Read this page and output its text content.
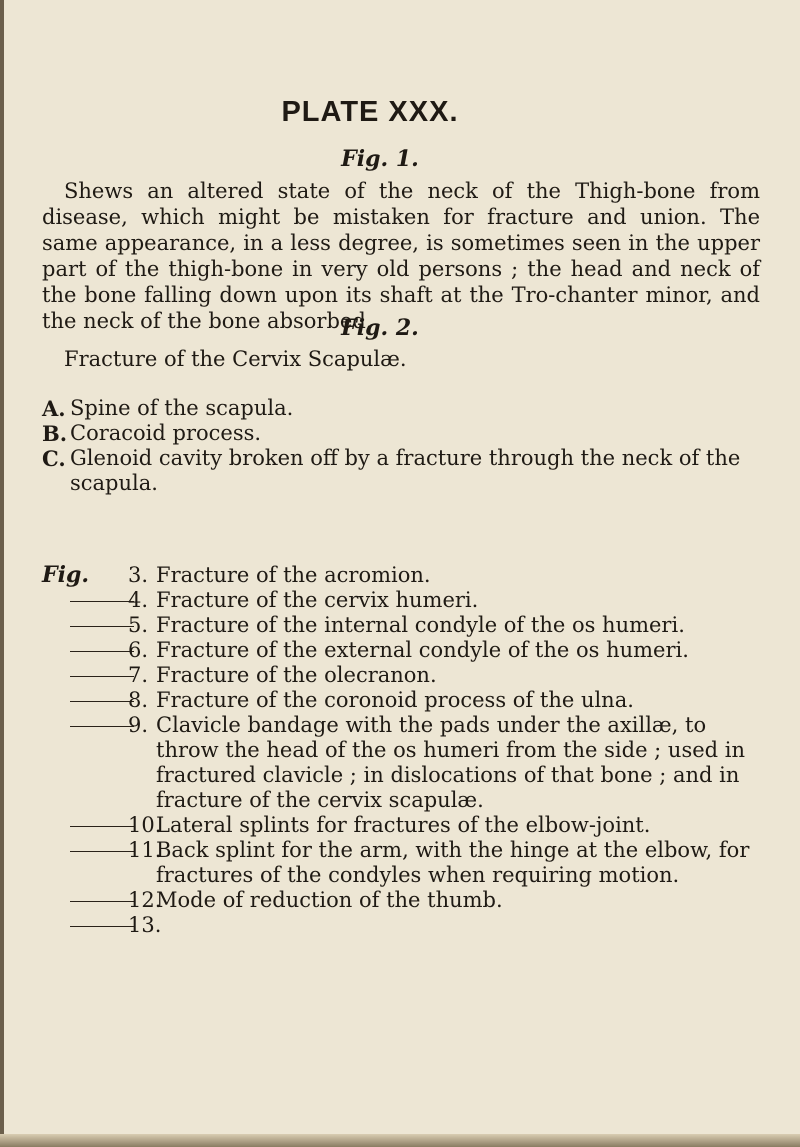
PLATE XXX.
Fig. 1.
Shews an altered state of the neck of the Thigh-bone from disease, which might be mistaken for fracture and union. The same appearance, in a less degree, is sometimes seen in the upper part of the thigh-bone in very old persons ; the head and neck of the bone falling down upon its shaft at the Tro-chanter minor, and the neck of the bone absorbed.
Fig. 2.
Fracture of the Cervix Scapulæ.
A. Spine of the scapula.
B. Coracoid process.
C. Glenoid cavity broken off by a fracture through the neck of the scapula.
Fig.	3. Fracture of the acromion.
4. Fracture of the cervix humeri.
5. Fracture of the internal condyle of the os humeri.
6. Fracture of the external condyle of the os humeri.
7. Fracture of the olecranon.
8. Fracture of the coronoid process of the ulna.
9. Clavicle bandage with the pads under the axillæ, to throw the head of the os humeri from the side ; used in fractured clavicle ; in dislocations of that bone ; and in fracture of the cervix scapulæ.
10.
Lateral splints for fractures of the elbow-joint.
11.
Back splint for the arm, with the hinge at the elbow, for fractures of the condyles when requiring motion.
12.
Mode of reduction of the thumb.
13.
